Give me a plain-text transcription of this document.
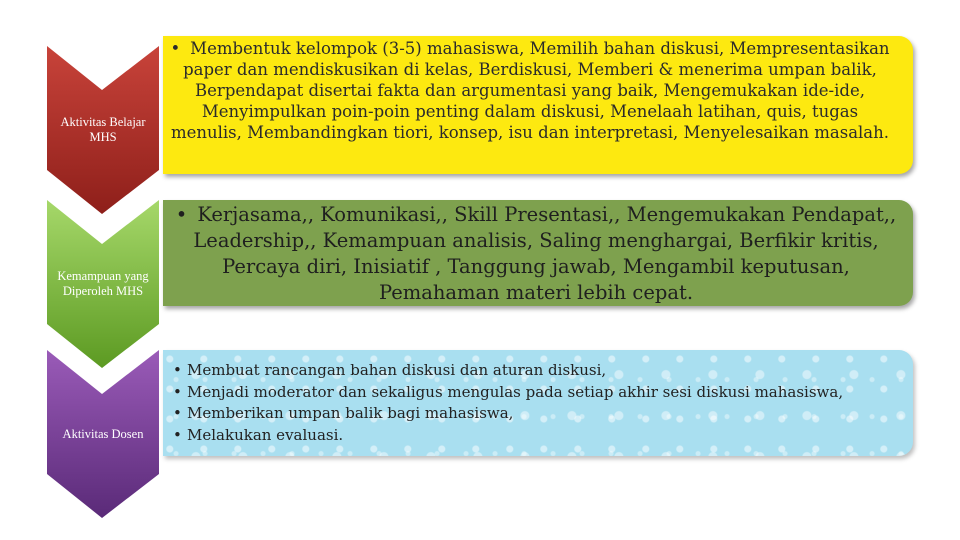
Aktivitas Belajar MHS
• Membentuk kelompok (3-5) mahasiswa, Memilih bahan diskusi, Mempresentasikan paper dan mendiskusikan di kelas, Berdiskusi, Memberi & menerima umpan balik, Berpendapat disertai fakta dan argumentasi yang baik, Mengemukakan ide-ide, Menyimpulkan poin-poin penting dalam diskusi, Menelaah latihan, quis, tugas menulis, Membandingkan tiori, konsep, isu dan interpretasi, Menyelesaikan masalah.
Kemampuan yang Diperoleh MHS
• Kerjasama,, Komunikasi,, Skill Presentasi,, Mengemukakan Pendapat,, Leadership,, Kemampuan analisis, Saling menghargai, Berfikir kritis, Percaya diri, Inisiatif , Tanggung jawab, Mengambil keputusan, Pemahaman materi lebih cepat.
Aktivitas Dosen
• Membuat rancangan bahan diskusi dan aturan diskusi,
• Menjadi moderator dan sekaligus mengulas pada setiap akhir sesi diskusi mahasiswa,
• Memberikan umpan balik bagi mahasiswa,
• Melakukan evaluasi.
